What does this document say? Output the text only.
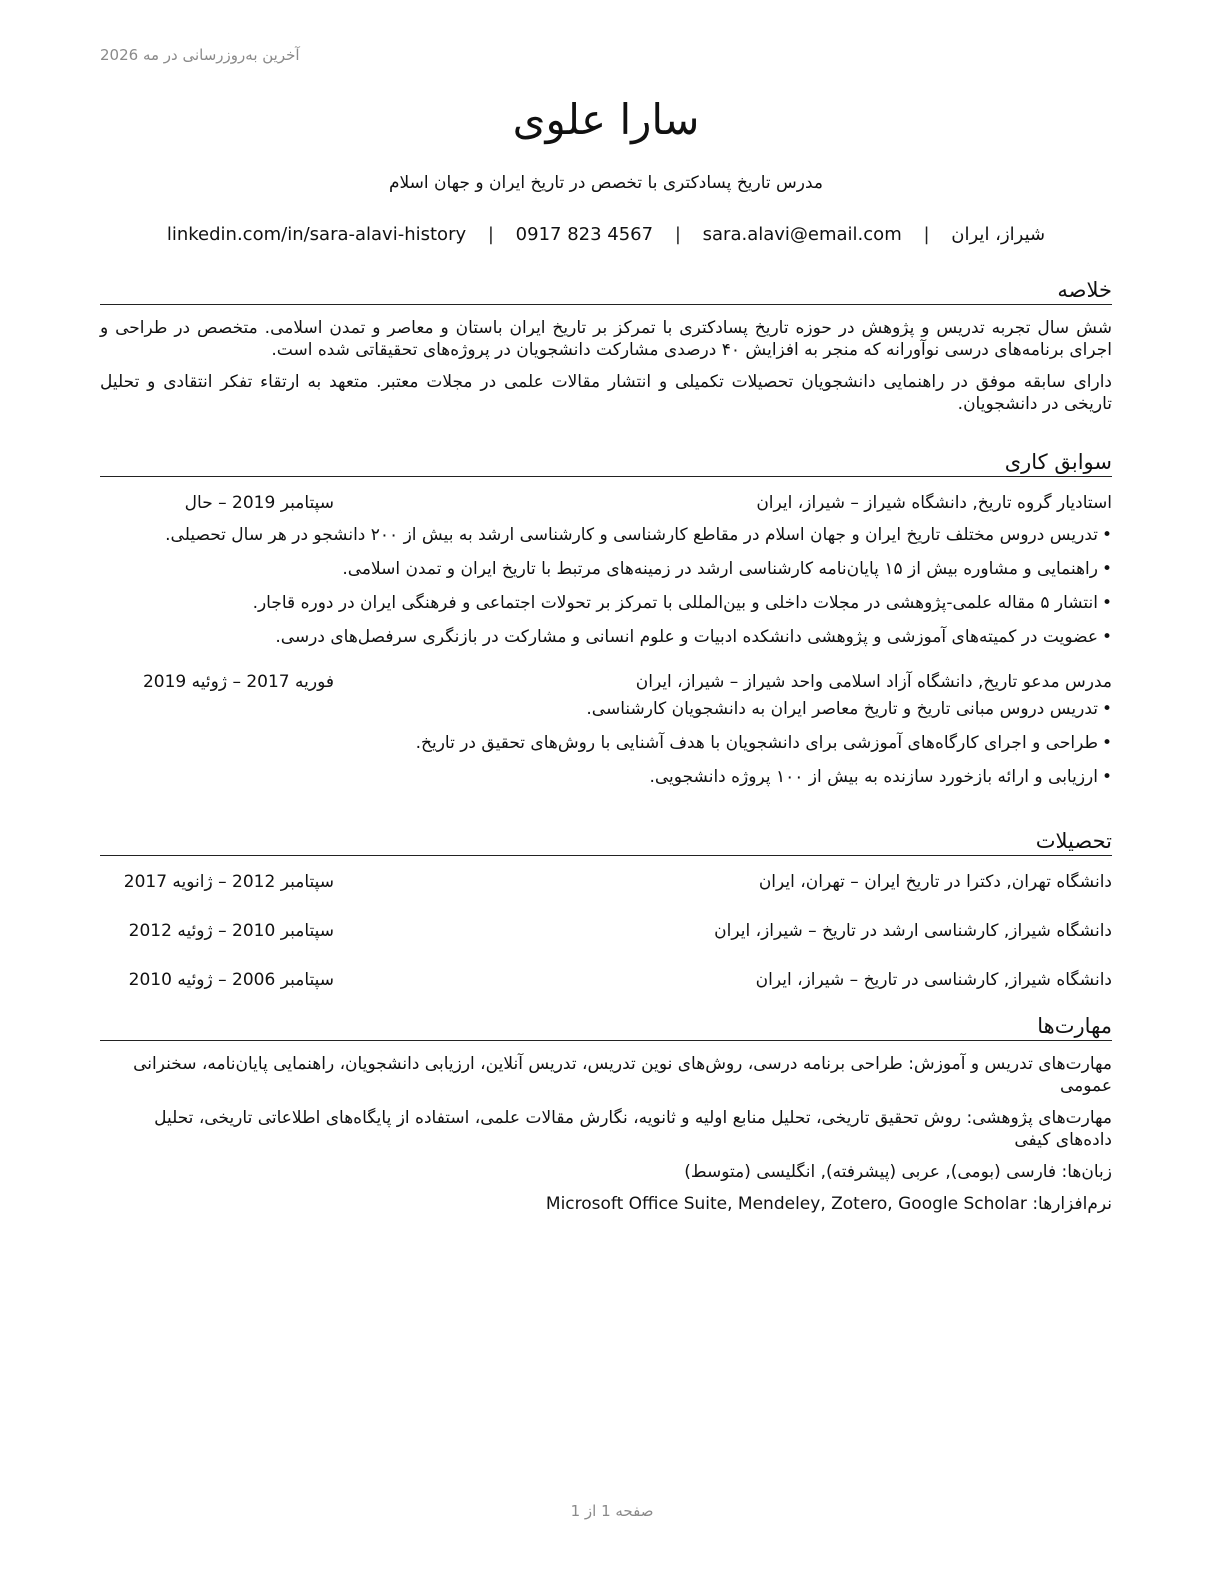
آخرین به‌روزرسانی در مه 2026
سارا علوی
مدرس تاریخ پسادکتری با تخصص در تاریخ ایران و جهان اسلام
شیراز، ایران | sara.alavi@email.com | 0917 823 4567 | linkedin.com/in/sara-alavi-history
خلاصه

شش سال تجربه تدریس و پژوهش در حوزه تاریخ پسادکتری با تمرکز بر تاریخ ایران باستان و معاصر و تمدن اسلامی. متخصص در طراحی و اجرای برنامه‌های درسی نوآورانه که منجر به افزایش ۴۰ درصدی مشارکت دانشجویان در پروژه‌های تحقیقاتی شده است.

دارای سابقه موفق در راهنمایی دانشجویان تحصیلات تکمیلی و انتشار مقالات علمی در مجلات معتبر. متعهد به ارتقاء تفکر انتقادی و تحلیل تاریخی در دانشجویان.

سوابق کاری
استادیار گروه تاریخ, دانشگاه شیراز – شیراز، ایران
سپتامبر 2019 – حال
•تدریس دروس مختلف تاریخ ایران و جهان اسلام در مقاطع کارشناسی و کارشناسی ارشد به بیش از ۲۰۰ دانشجو در هر سال تحصیلی.
•راهنمایی و مشاوره بیش از ۱۵ پایان‌نامه کارشناسی ارشد در زمینه‌های مرتبط با تاریخ ایران و تمدن اسلامی.
•انتشار ۵ مقاله علمی-پژوهشی در مجلات داخلی و بین‌المللی با تمرکز بر تحولات اجتماعی و فرهنگی ایران در دوره قاجار.
•عضویت در کمیته‌های آموزشی و پژوهشی دانشکده ادبیات و علوم انسانی و مشارکت در بازنگری سرفصل‌های درسی.
مدرس مدعو تاریخ, دانشگاه آزاد اسلامی واحد شیراز – شیراز، ایران
فوریه 2017 – ژوئیه 2019
•تدریس دروس مبانی تاریخ و تاریخ معاصر ایران به دانشجویان کارشناسی.
•طراحی و اجرای کارگاه‌های آموزشی برای دانشجویان با هدف آشنایی با روش‌های تحقیق در تاریخ.
•ارزیابی و ارائه بازخورد سازنده به بیش از ۱۰۰ پروژه دانشجویی.
تحصیلات
دانشگاه تهران, دکترا در تاریخ ایران – تهران، ایران
سپتامبر 2012 – ژانویه 2017
دانشگاه شیراز, کارشناسی ارشد در تاریخ – شیراز، ایران
سپتامبر 2010 – ژوئیه 2012
دانشگاه شیراز, کارشناسی در تاریخ – شیراز، ایران
سپتامبر 2006 – ژوئیه 2010
مهارت‌ها

مهارت‌های تدریس و آموزش: طراحی برنامه درسی، روش‌های نوین تدریس، تدریس آنلاین، ارزیابی دانشجویان، راهنمایی پایان‌نامه، سخنرانی عمومی

مهارت‌های پژوهشی: روش تحقیق تاریخی، تحلیل منابع اولیه و ثانویه، نگارش مقالات علمی، استفاده از پایگاه‌های اطلاعاتی تاریخی، تحلیل داده‌های کیفی

زبان‌ها: فارسی (بومی), عربی (پیشرفته), انگلیسی (متوسط)

نرم‌افزارها: Microsoft Office Suite, Mendeley, Zotero, Google Scholar

صفحه 1 از 1
